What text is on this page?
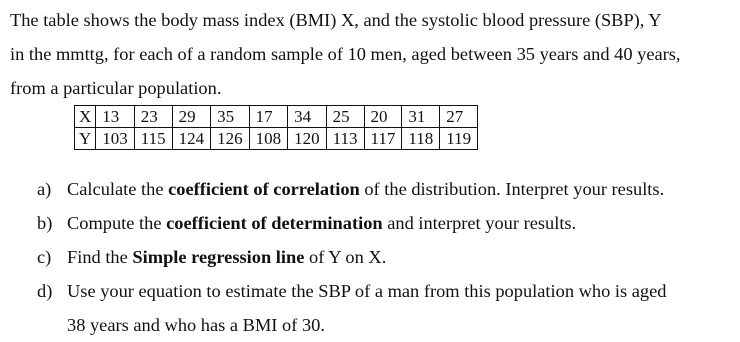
The table shows the body mass index (BMI) X, and the systolic blood pressure (SBP), Y
in the mmttg, for each of a random sample of 10 men, aged between 35 years and 40 years,
from a particular population.
X	13	23	29	35	17	34	25	20	31	27
Y	103	115	124	126	108	120	113	117	118	119
a) Calculate the coefficient of correlation of the distribution. Interpret your results.
b) Compute the coefficient of determination and interpret your results.
c) Find the Simple regression line of Y on X.
d) Use your equation to estimate the SBP of a man from this population who is aged
38 years and who has a BMI of 30.
